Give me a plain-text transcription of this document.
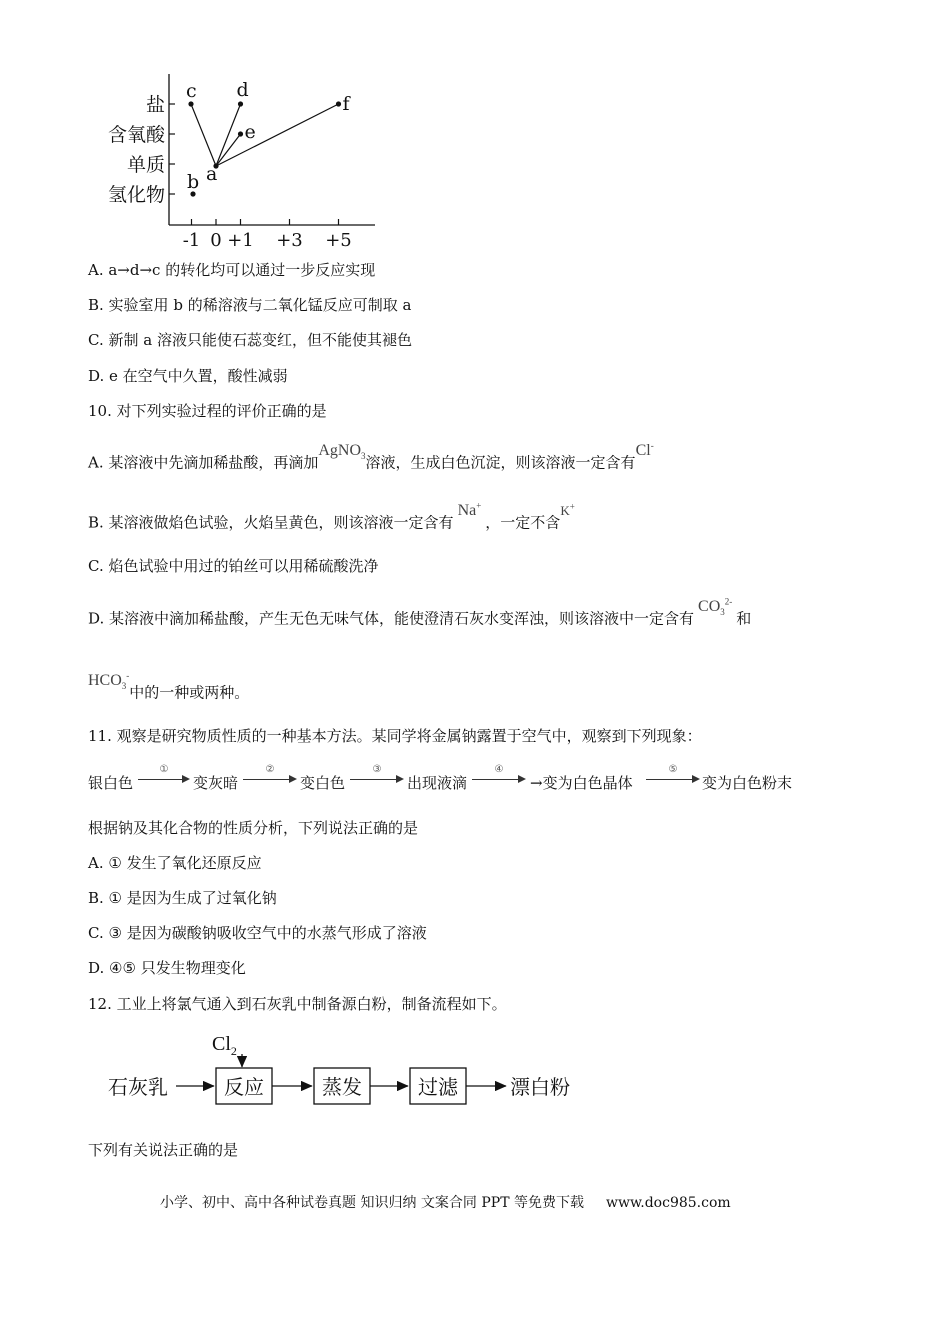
盐
含氧酸
单质
氢化物
-1 0 +1 +3 +5
c d
e
f
a
b
A. a→d→c 的转化均可以通过一步反应实现
B. 实验室用 b 的稀溶液与二氧化锰反应可制取 a
C. 新制 a 溶液只能使石蕊变红，但不能使其褪色
D. e 在空气中久置，酸性减弱
10. 对下列实验过程的评价正确的是
A. 某溶液中先滴加稀盐酸，再滴加AgNO$_3$溶液，生成白色沉淀，则该溶液一定含有Cl-
B. 某溶液做焰色试验，火焰呈黄色，则该溶液一定含有Na+，一定不含K+
C. 焰色试验中用过的铂丝可以用稀硫酸洗净
D. 某溶液中滴加稀盐酸，产生无色无味气体，能使澄清石灰水变浑浊，则该溶液中一定含有$CO_3^{2-}$和
$HCO_3^-$中的一种或两种。
11. 观察是研究物质性质的一种基本方法。某同学将金属钠露置于空气中，观察到下列现象：
银白色
①
变灰暗
②
变白色
③
出现液滴
④
→变为白色晶体
⑤
变为白色粉末
根据钠及其化合物的性质分析，下列说法正确的是
A. ① 发生了氧化还原反应
B. ① 是因为生成了过氧化钠
C. ③ 是因为碳酸钠吸收空气中的水蒸气形成了溶液
D. ④⑤ 只发生物理变化
12. 工业上将氯气通入到石灰乳中制备源白粉，制备流程如下。
石灰乳
$Cl_2$
反应	蒸发	过滤	漂白粉
下列有关说法正确的是
小学、初中、高中各种试卷真题 知识归纳 文案合同 PPT 等免费下载 www.doc985.com
